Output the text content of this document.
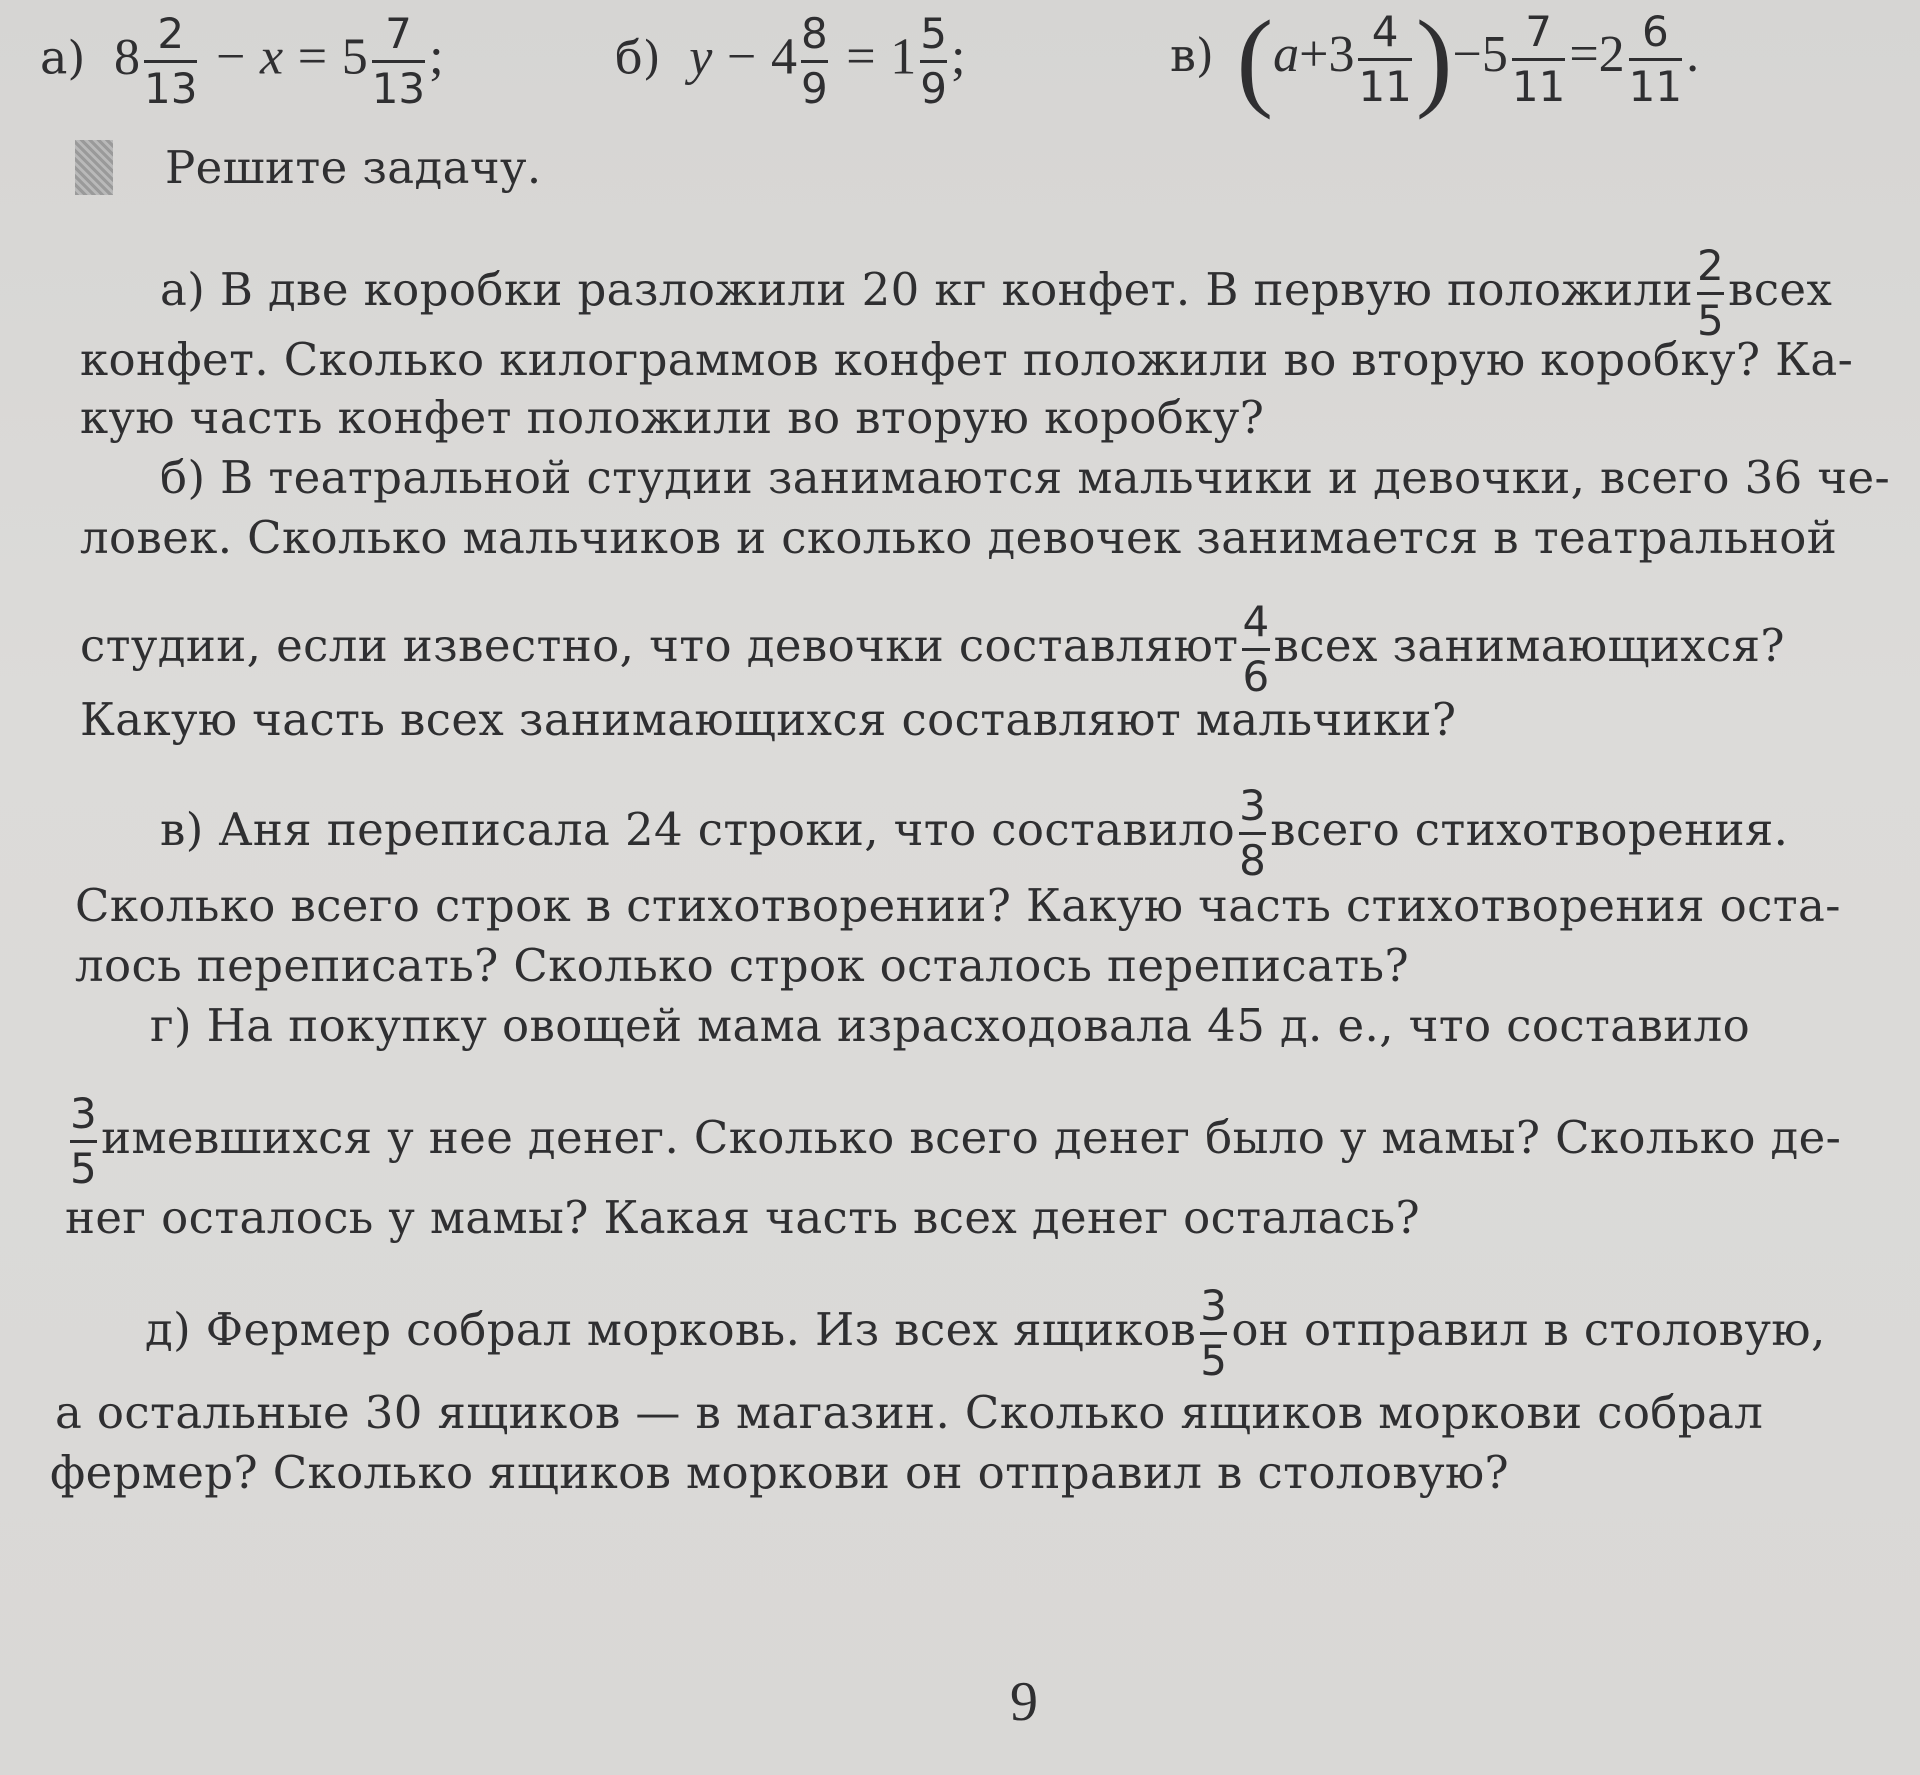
а) $8 \frac{2}{13} - x = 5 \frac{7}{13}$ ;	б) $y - 4 \frac{8}{9} = 1 \frac{5}{9}$ ;	в) $(a+3 \frac{4}{11} )-5 \frac{7}{11} =2 \frac{6}{11}$ .
Решите задачу.
а) В две коробки разложили 20 кг конфет. В первую положили $\frac{2}{5}$ всех
конфет. Сколько килограммов конфет положили во вторую коробку? Ка-
кую часть конфет положили во вторую коробку?
б) В театральной студии занимаются мальчики и девочки, всего 36 че-
ловек. Сколько мальчиков и сколько девочек занимается в театральной
студии, если известно, что девочки составляют $\frac{4}{6}$ всех занимающихся?
Какую часть всех занимающихся составляют мальчики?
в) Аня переписала 24 строки, что составило $\frac{3}{8}$ всего стихотворения.
Сколько всего строк в стихотворении? Какую часть стихотворения оста-
лось переписать? Сколько строк осталось переписать?
г) На покупку овощей мама израсходовала 45 д. е., что составило
$\frac{3}{5}$ имевшихся у нее денег. Сколько всего денег было у мамы? Сколько де-
нег осталось у мамы? Какая часть всех денег осталась?
д) Фермер собрал морковь. Из всех ящиков $\frac{3}{5}$ он отправил в столовую,
а остальные 30 ящиков — в магазин. Сколько ящиков моркови собрал
фермер? Сколько ящиков моркови он отправил в столовую?
9
